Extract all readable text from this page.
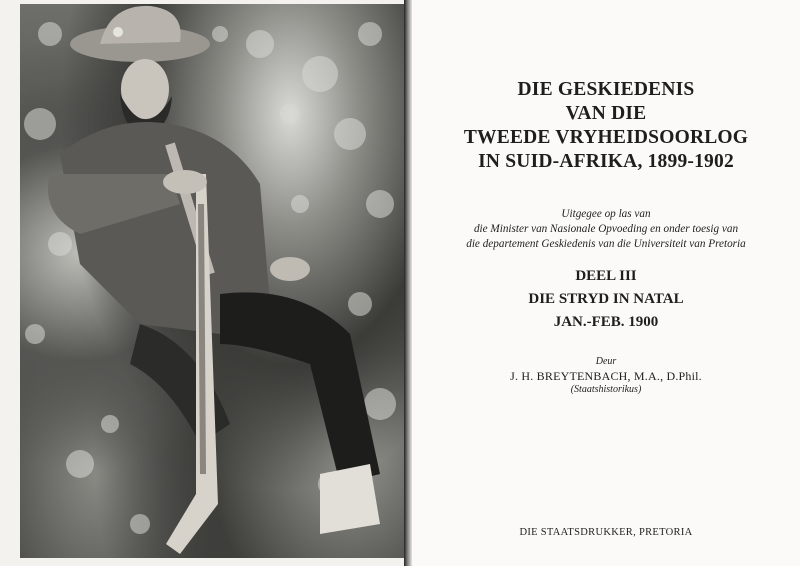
DIE GESKIEDENIS
VAN DIE
TWEEDE VRYHEIDSOORLOG
IN SUID-AFRIKA, 1899-1902
Uitgegee op las van
die Minister van Nasionale Opvoeding en onder toesig van
die departement Geskiedenis van die Universiteit van Pretoria
DEEL III
DIE STRYD IN NATAL
JAN.-FEB. 1900
Deur
J. H. BREYTENBACH, M.A., D.Phil.
(Staatshistorikus)
DIE STAATSDRUKKER, PRETORIA
